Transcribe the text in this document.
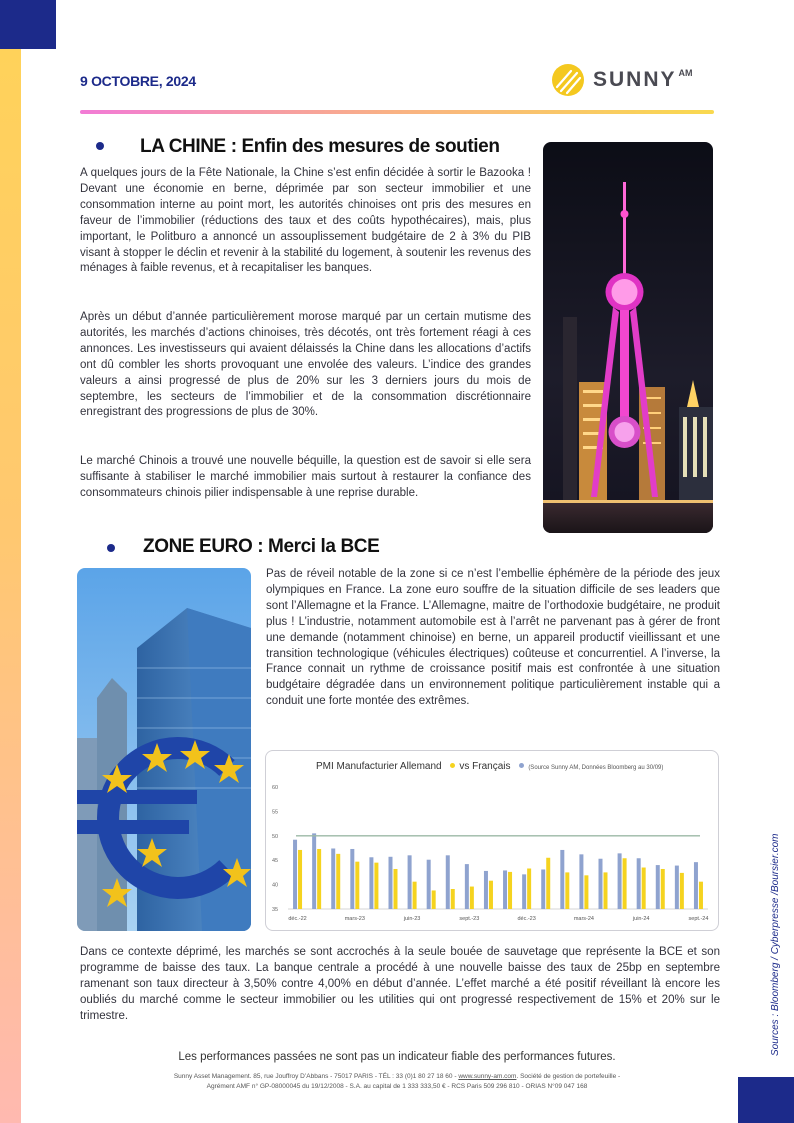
9 OCTOBRE, 2024	SUNNY AM
LA CHINE : Enfin des mesures de soutien

A quelques jours de la Fête Nationale, la Chine s’est enfin décidée à sortir le Bazooka ! Devant une économie en berne, déprimée par son secteur immobilier et une consommation interne au point mort, les autorités chinoises ont pris des mesures en faveur de l’immobilier (réductions des taux et des coûts hypothécaires), mais, plus important, le Politburo a annoncé un assouplissement budgétaire de 2 à 3% du PIB visant à stopper le déclin et revenir à la stabilité du logement, à soutenir les revenus des ménages à faible revenus, et à recapitaliser les banques.

Après un début d’année particulièrement morose marqué par un certain mutisme des autorités, les marchés d’actions chinoises, très décotés, ont très fortement réagi à ces annonces. Les investisseurs qui avaient délaissés la Chine dans les allocations d’actifs ont dû combler les shorts provoquant une envolée des valeurs. L’indice des grandes valeurs a ainsi progressé de plus de 20% sur les 3 derniers jours du mois de septembre, les secteurs de l’immobilier et de la consommation discrétionnaire enregistrant des progressions de plus de 30%.

Le marché Chinois a trouvé une nouvelle béquille, la question est de savoir si elle sera suffisante à stabiliser le marché immobilier mais surtout à restaurer la confiance des consommateurs chinois pilier indispensable à une reprise durable.

ZONE EURO : Merci la BCE

Pas de réveil notable de la zone si ce n’est l’embellie éphémère de la période des jeux olympiques en France. La zone euro souffre de la situation difficile de ses leaders que sont l’Allemagne et la France. L’Allemagne, maitre de l’orthodoxie budgétaire, ne produit plus ! L’industrie, notamment automobile est à l’arrêt ne parvenant pas à gérer de front une demande (notamment chinoise) en berne, un appareil productif vieillissant et une transition technologique (véhicules électriques) coûteuse et concurrentiel. A l’inverse, la France connait un rythme de croissance positif mais est confrontée à une situation budgétaire dégradée dans un environnement politique particulièrement instable qui a conduit une forte montée des extrêmes.

PMI Manufacturier Allemand vs Français	(Source Sunny AM, Données Bloomberg au 30/09)
35
40
45
50
55
60
déc.-22	mars-23	juin-23	sept.-23	déc.-23	mars-24	juin-24	sept.-24

Dans ce contexte déprimé, les marchés se sont accrochés à la seule bouée de sauvetage que représente la BCE et son programme de baisse des taux. La banque centrale a procédé à une nouvelle baisse des taux de 25bp en septembre ramenant son taux directeur à 3,50% contre 4,00% en début d’année. L’effet marché a été positif réveillant là encore les oubliés du marché comme le secteur immobilier ou les utilities qui ont progressé respectivement de 15% et 20% sur le trimestre.

Les performances passées ne sont pas un indicateur fiable des performances futures.
Sunny Asset Management. 85, rue Jouffroy D’Abbans - 75017 PARIS - TÉL : 33 (0)1 80 27 18 60 - www.sunny-am.com. Société de gestion de portefeuille -
Agrément AMF n° GP-08000045 du 19/12/2008 - S.A. au capital de 1 333 333,50 € - RCS Paris 509 296 810 - ORIAS N°09 047 168
Sources : Bloomberg / Cyberpresse /Boursier.com
